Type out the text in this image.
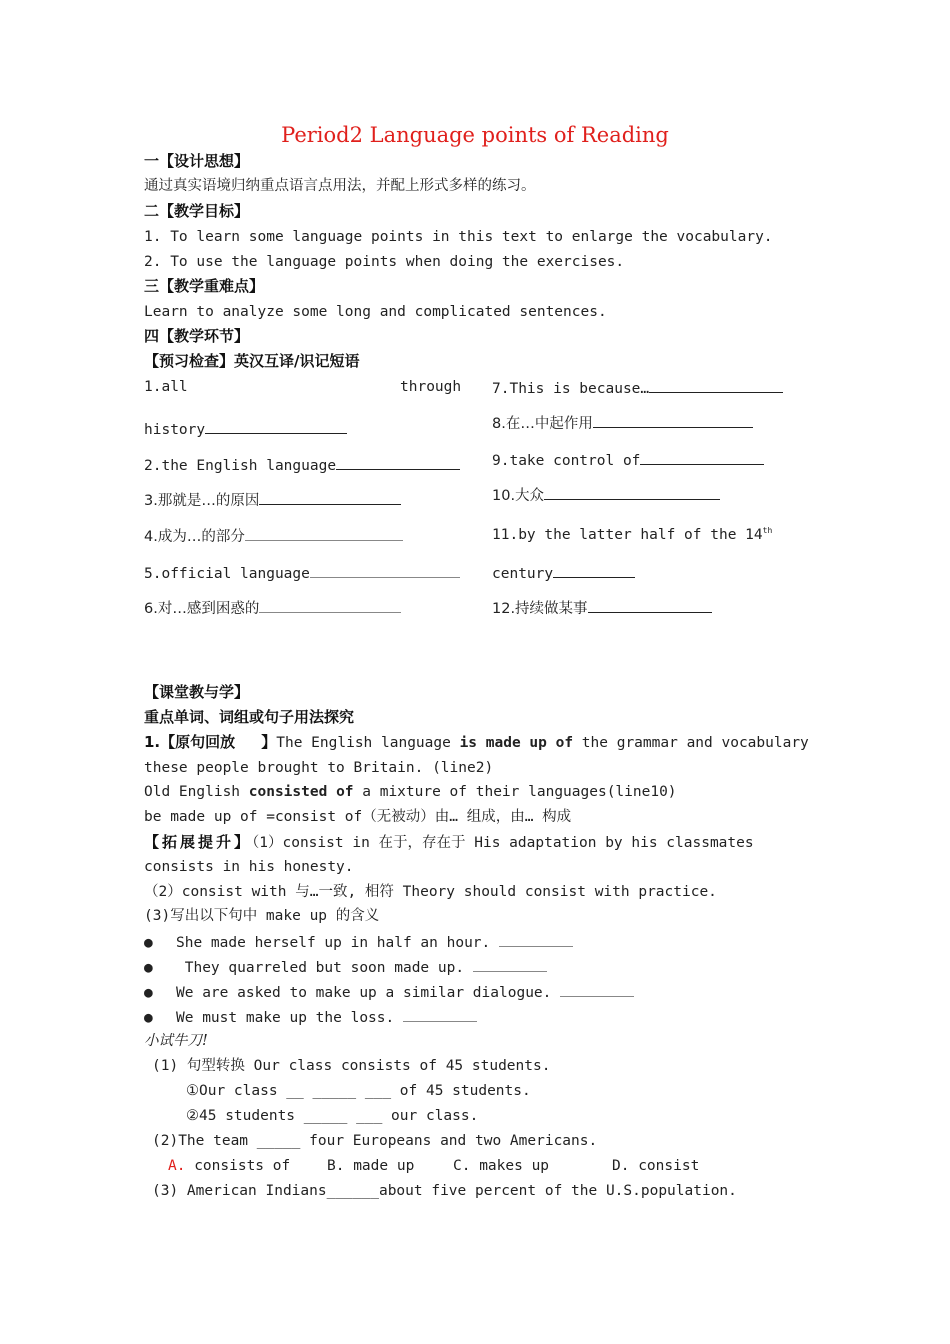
Period2 Language points of Reading
一【设计思想】
通过真实语境归纳重点语言点用法，并配上形式多样的练习。
二【教学目标】
1. To learn some language points in this text to enlarge the vocabulary.
2. To use the language points when doing the exercises.
三【教学重难点】
Learn to analyze some long and complicated sentences.
四【教学环节】
【预习检查】英汉互译/识记短语
1.all	through
history
2.the English language
3.那就是…的原因
4.成为…的部分
5.official language
6.对…感到困惑的
7.This is because…
8.在…中起作用
9.take control of
10.大众
11.by the latter half of the 14th
century
12.持续做某事
【课堂教与学】
重点单词、词组或句子用法探究
1.【原句回放     】The English language is made up of the grammar and vocabulary
these people brought to Britain. (line2)
Old English consisted of a mixture of their languages(line10)
be made up of =consist of（无被动）由… 组成，由… 构成
【拓展提升】（1）consist in 在于，存在于 His adaptation by his classmates
consists in his honesty.
（2）consist with 与…一致, 相符 Theory should consist with practice.
(3)写出以下句中 make up 的含义
● She made herself up in half an hour.
● They quarreled but soon made up.
● We are asked to make up a similar dialogue.
● We must make up the loss.
小试牛刀!
(1) 句型转换 Our class consists of 45 students.
①Our class __ _____ ___ of 45 students.
②45 students _____ ___ our class.
(2)The team _____ four Europeans and two Americans.
A. consists of	B. made up	C. makes up	D. consist
(3) American Indians______about five percent of the U.S.population.
